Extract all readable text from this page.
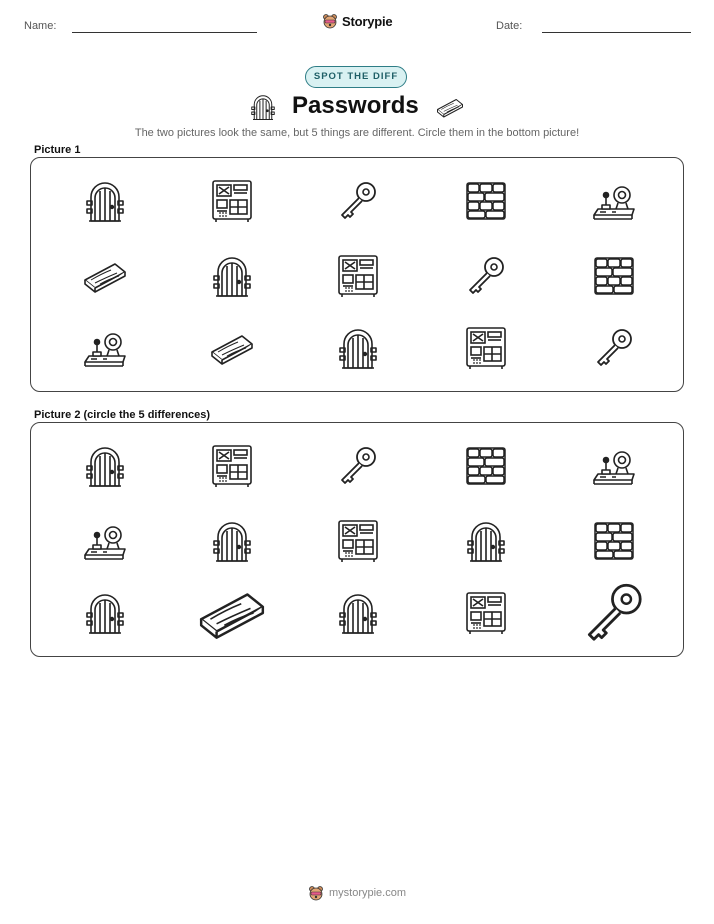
Name:	Storypie	Date:
SPOT THE DIFF
Passwords
The two pictures look the same, but 5 things are different. Circle them in the bottom picture!
Picture 1
Picture 2 (circle the 5 differences)
mystorypie.com
